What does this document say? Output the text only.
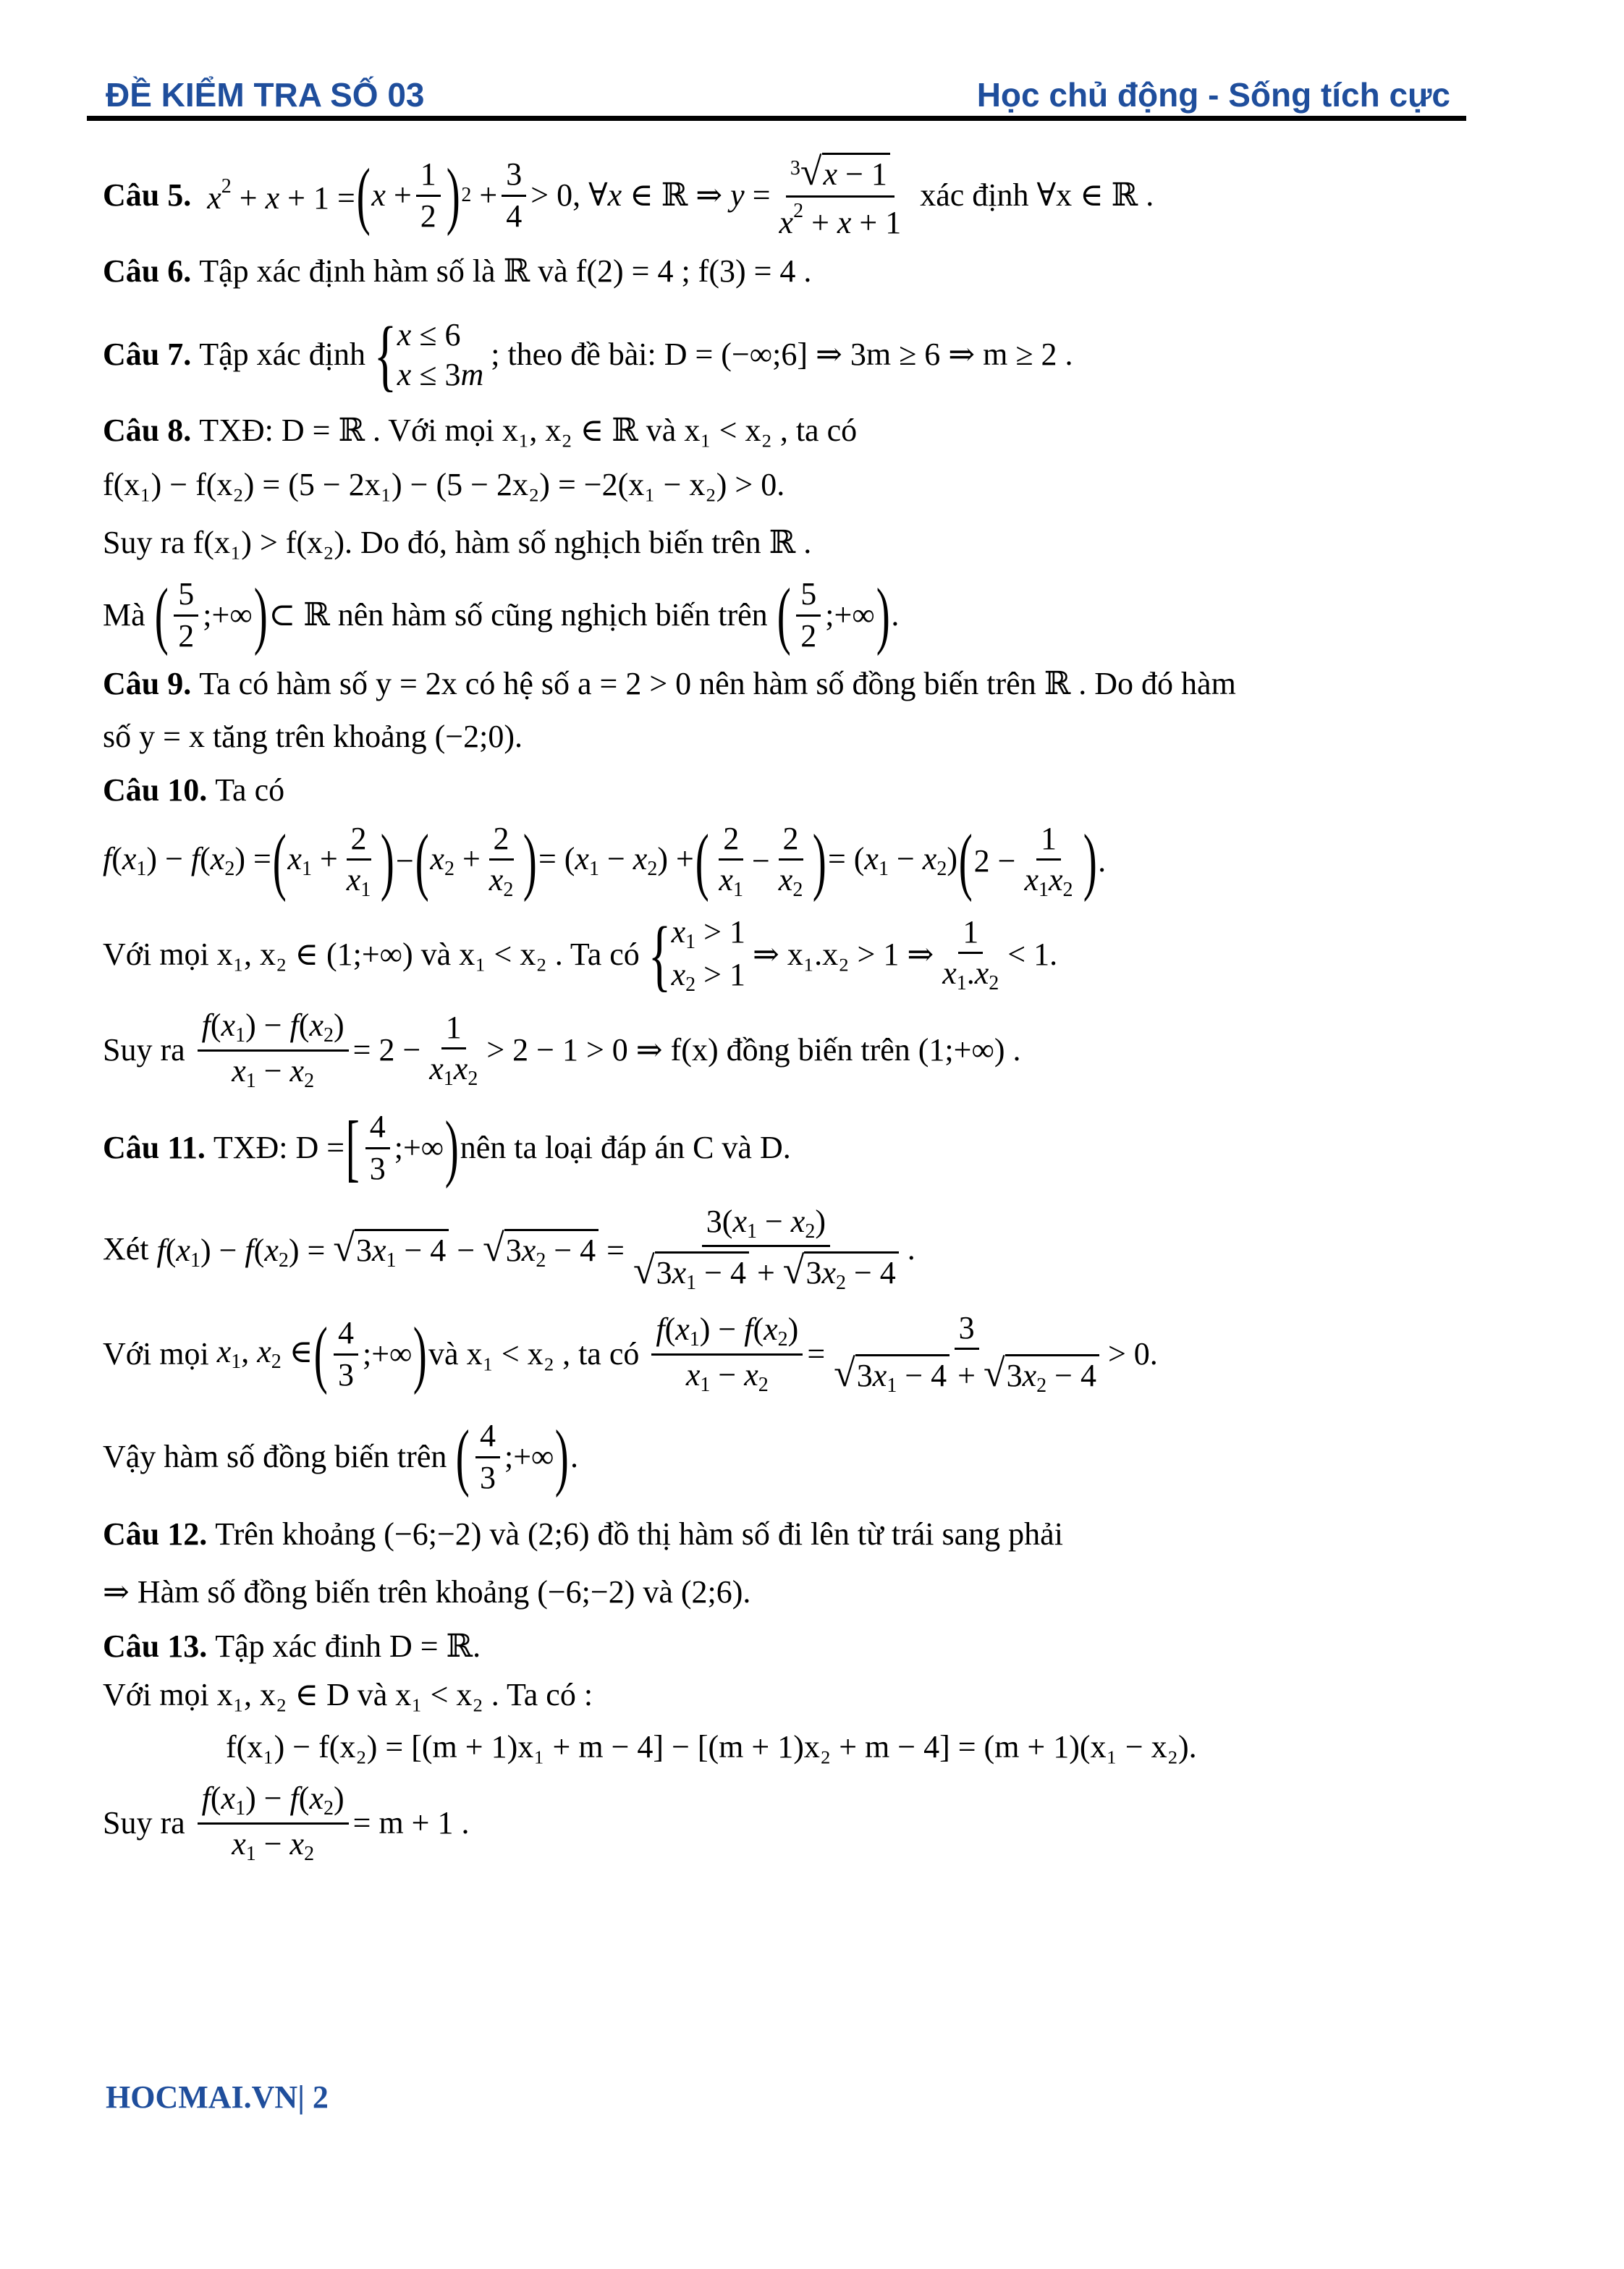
ĐỀ KIỂM TRA SỐ 03	Học chủ động - Sống tích cực
Câu 5.
$x^2 + x + 1$ = ( $x + \frac{1}{2}$ ) $2 + \frac{3}{4} > 0$, ∀x ∈ ℝ ⇒ $y = \frac{^3√x - 1}{x^2 + x + 1}$ xác định ∀x ∈ ℝ .
Câu 6.
Tập xác định hàm số là ℝ và f(2) = 4 ; f(3) = 4 .
Câu 7.
Tập xác định
{ x ≤ 6
x ≤ 3m
; theo đề bài: D = (−∞;6] ⇒ 3m ≥ 6 ⇒ m ≥ 2 .
Câu 8.
TXĐ: D = ℝ . Với mọi x₁, x₂ ∈ ℝ và x₁ < x₂ , ta có
f(x₁) − f(x₂) = (5 − 2x₁) − (5 − 2x₂) = −2(x₁ − x₂) > 0.
Suy ra f(x₁) > f(x₂). Do đó, hàm số nghịch biến trên ℝ .
Mà
( $\frac{5}{2}$ ;+∞ ) ⊂ ℝ nên hàm số cũng nghịch biến trên
( $\frac{5}{2}$ ;+∞ ) .
Câu 9.
Ta có hàm số y = 2x có hệ số a = 2 > 0 nên hàm số đồng biến trên ℝ . Do đó hàm
số y = x tăng trên khoảng (−2;0).
Câu 10.
Ta có
$f(x_1) - f(x_2)$ = ( $x_1 + \frac{2}{x_1}$ ) − ( $x_2 + \frac{2}{x_2}$ ) = $(x_1 - x_2)$ + ( $\frac{2}{x_1} - \frac{2}{x_2}$ ) = $(x_1 - x_2)$ ( $2 - \frac{1}{x_1x_2}$ ) .
Với mọi x₁, x₂ ∈ (1;+∞) và x₁ < x₂ . Ta có
{ $x_1 > 1$
$x_2 > 1$
⇒ x₁.x₂ > 1 ⇒ $\frac{1}{x_1.x_2} < 1$.
Suy ra
$\frac{f(x_1) - f(x_2)}{x_1 - x_2} = 2 - \frac{1}{x_1x_2} > 2 - 1 > 0$ ⇒ f(x) đồng biến trên (1;+∞) .
Câu 11.
TXĐ: D = [ $\frac{4}{3}$ ;+∞ ) nên ta loại đáp án C và D.
Xét
$f(x_1) - f(x_2) = √3x_1 - 4 - √3x_2 - 4 = \frac{3(x_1 - x_2)}{√3x_1 - 4 + √3x_2 - 4}$ .
Với mọi
$x_1$, $x_2$ ∈ ( $\frac{4}{3}$ ;+∞ ) và x₁ < x₂ , ta có
$\frac{f(x_1) - f(x_2)}{x_1 - x_2} = \frac{3}{√3x_1 - 4 + √3x_2 - 4} > 0$.
Vậy hàm số đồng biến trên
( $\frac{4}{3}$ ;+∞ ) .
Câu 12.
Trên khoảng (−6;−2) và (2;6) đồ thị hàm số đi lên từ trái sang phải
⇒ Hàm số đồng biến trên khoảng (−6;−2) và (2;6).
Câu 13.
Tập xác đinh D = ℝ.
Với mọi x₁, x₂ ∈ D và x₁ < x₂ . Ta có :
f(x₁) − f(x₂) = [(m + 1)x₁ + m − 4] − [(m + 1)x₂ + m − 4] = (m + 1)(x₁ − x₂).
Suy ra
$\frac{f(x_1) - f(x_2)}{x_1 - x_2} = m + 1$ .
HOCMAI.VN| 2
